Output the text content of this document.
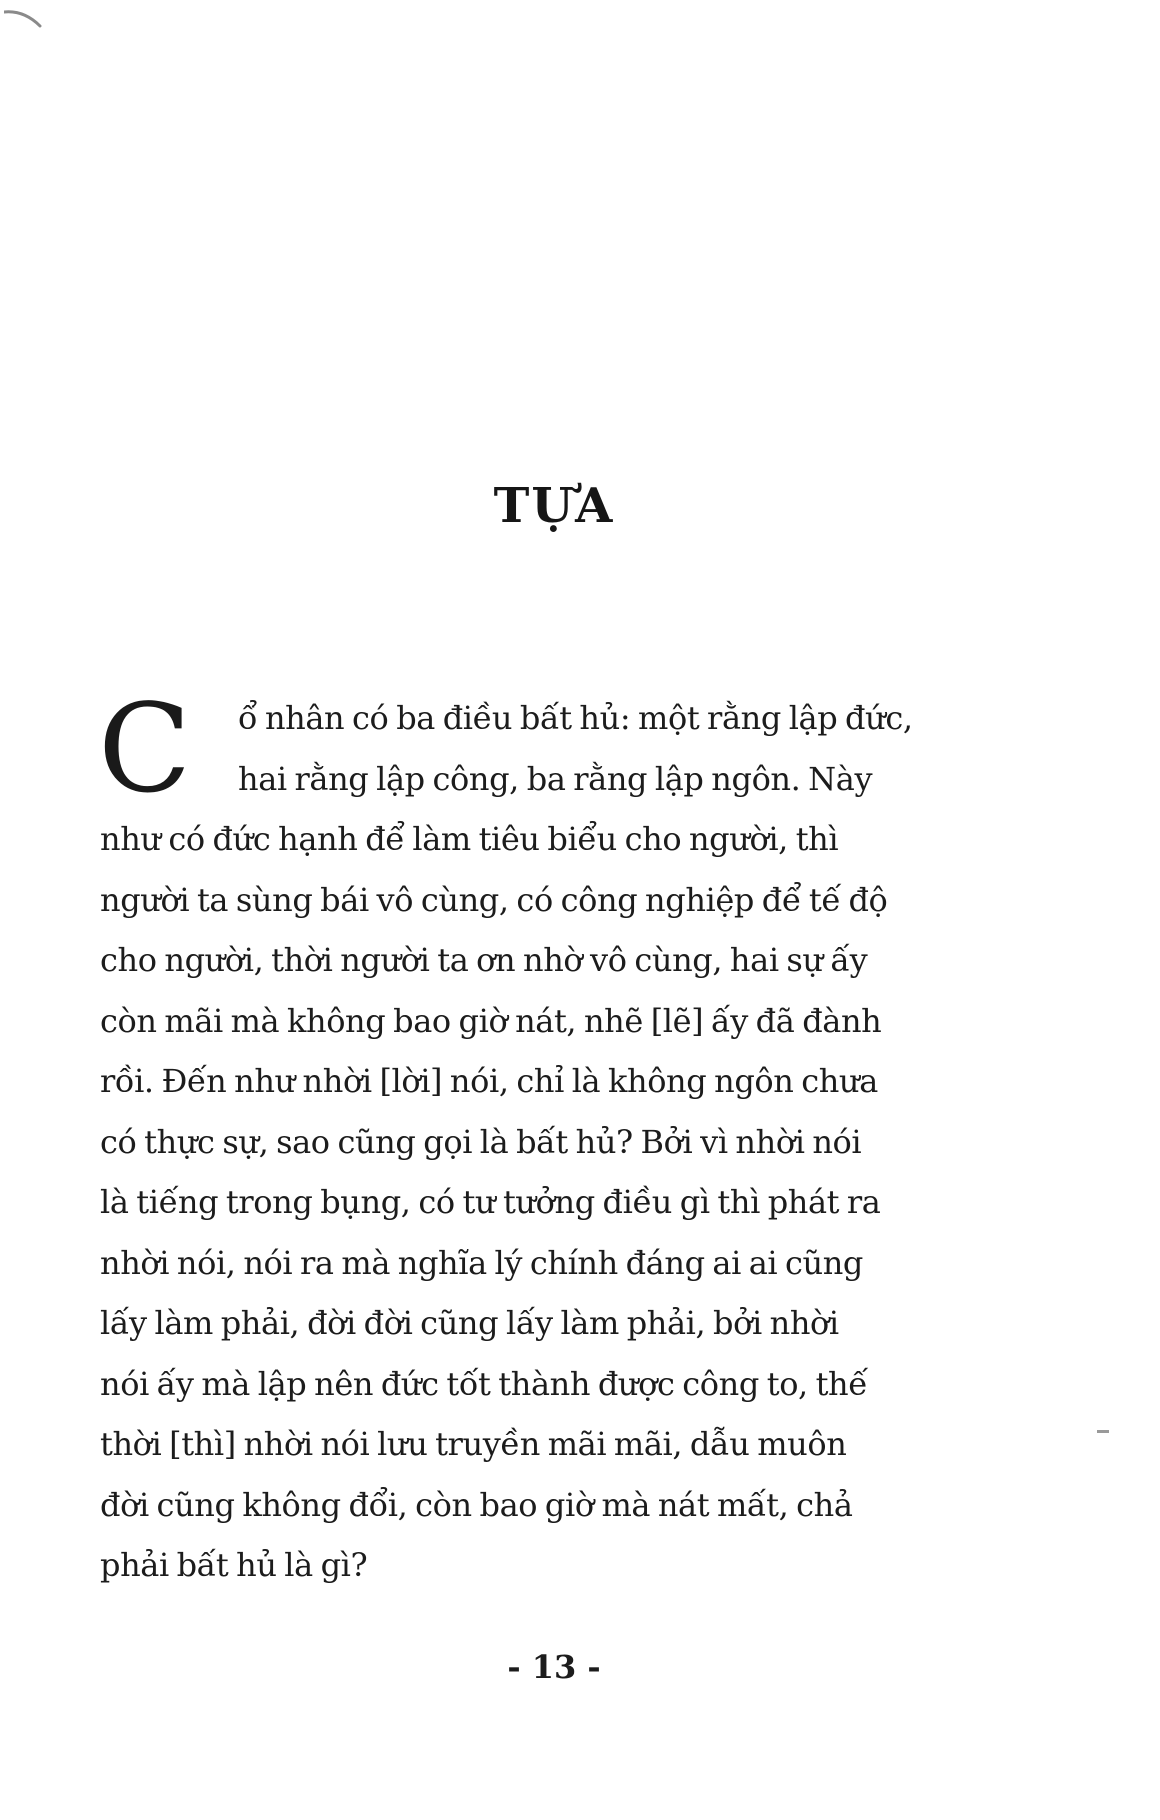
TỰA
C	ổ nhân có ba điều bất hủ: một rằng lập đức,
hai rằng lập công, ba rằng lập ngôn. Này
như có đức hạnh để làm tiêu biểu cho người, thì
người ta sùng bái vô cùng, có công nghiệp để tế độ
cho người, thời người ta ơn nhờ vô cùng, hai sự ấy
còn mãi mà không bao giờ nát, nhẽ [lẽ] ấy đã đành
rồi. Đến như nhời [lời] nói, chỉ là không ngôn chưa
có thực sự, sao cũng gọi là bất hủ? Bởi vì nhời nói
là tiếng trong bụng, có tư tưởng điều gì thì phát ra
nhời nói, nói ra mà nghĩa lý chính đáng ai ai cũng
lấy làm phải, đời đời cũng lấy làm phải, bởi nhời
nói ấy mà lập nên đức tốt thành được công to, thế
thời [thì] nhời nói lưu truyền mãi mãi, dẫu muôn
đời cũng không đổi, còn bao giờ mà nát mất, chả
phải bất hủ là gì?
- 13 -
